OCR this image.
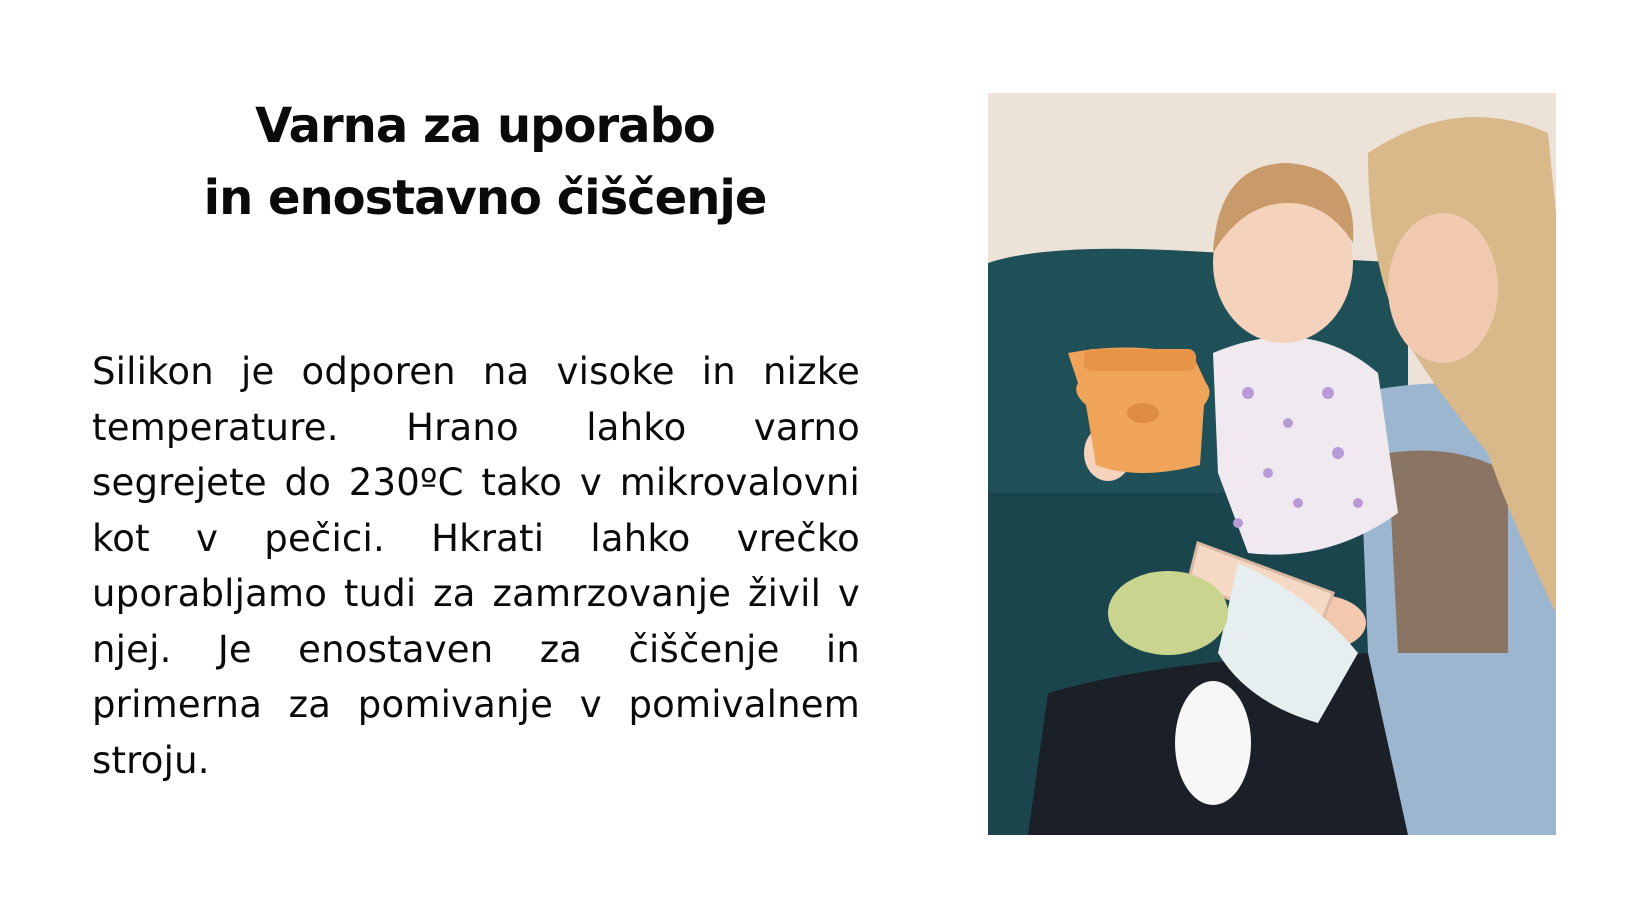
Varna za uporabo
in enostavno čiščenje

Silikon je odporen na visoke in nizke temperature. Hrano lahko varno segrejete do 230ºC tako v mikrovalovni kot v pečici. Hkrati lahko vrečko uporabljamo tudi za zamrzovanje živil v njej. Je enostaven za čiščenje in primerna za pomivanje v pomivalnem stroju.
